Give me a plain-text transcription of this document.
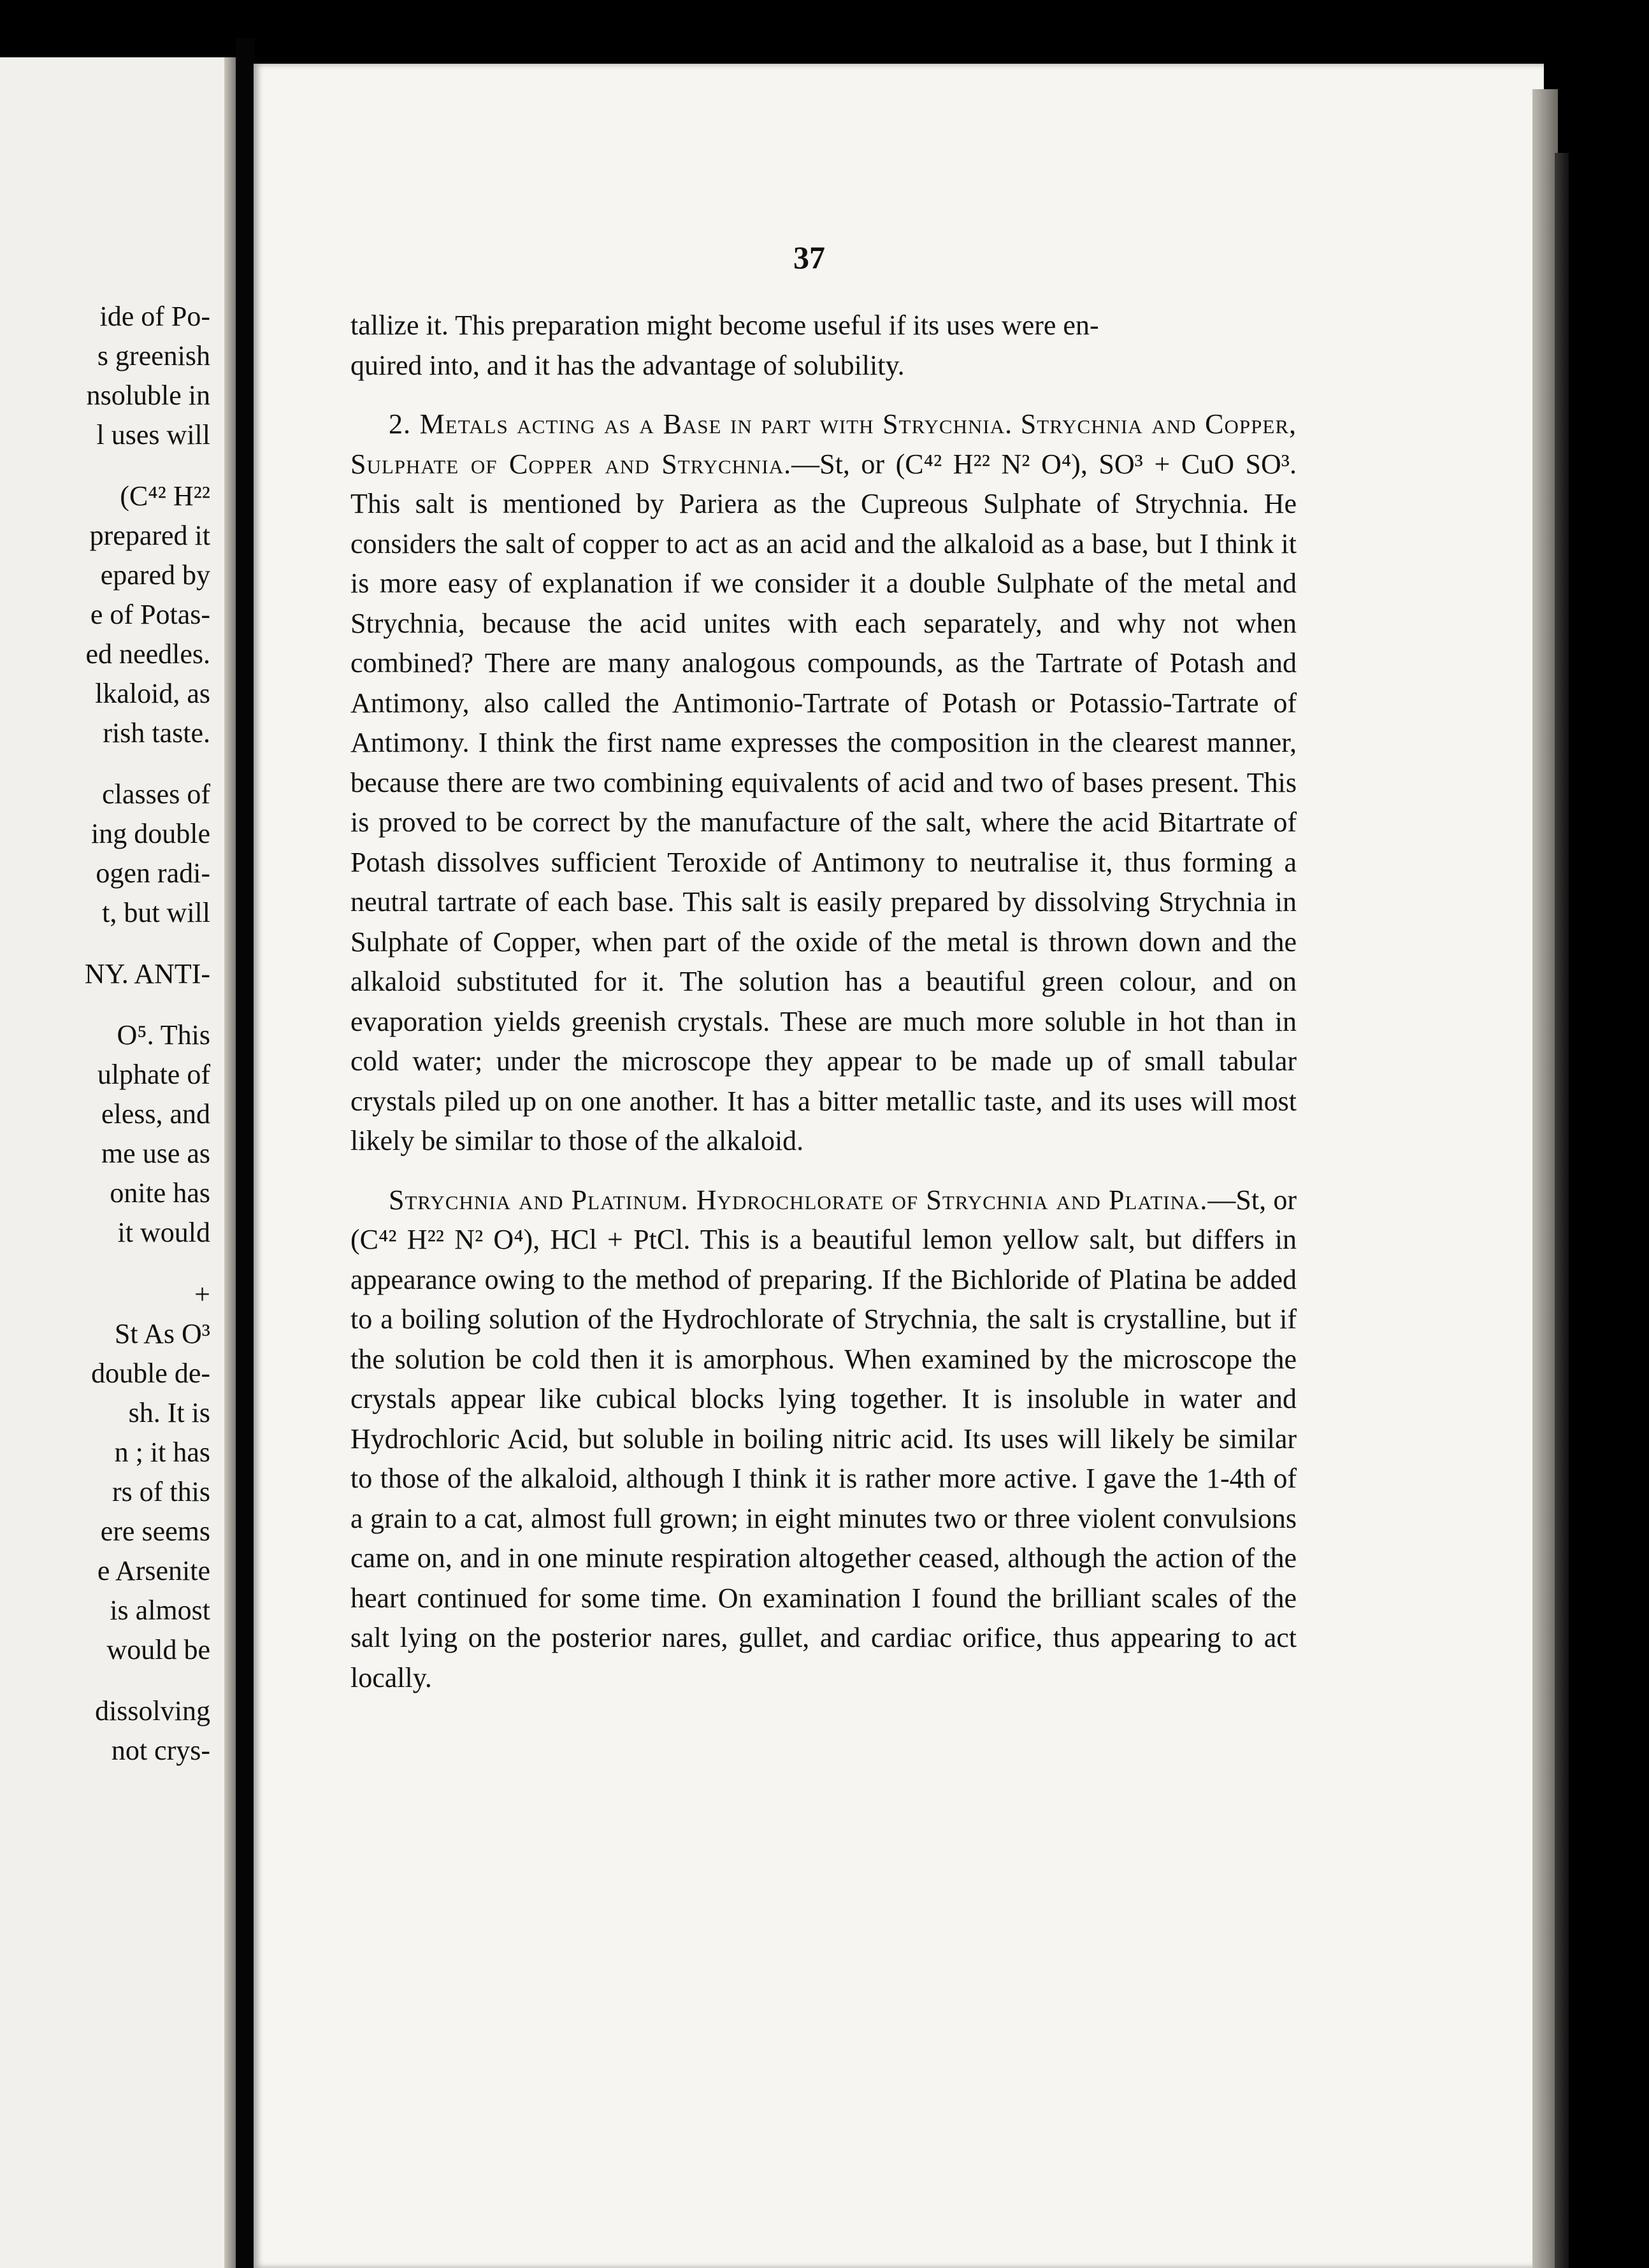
ide of Po-
s greenish
nsoluble in
l uses will
(C⁴² H²²
prepared it
epared by
e of Potas-
ed needles.
lkaloid, as
rish taste.
classes of
ing double
ogen radi-
t, but will
NY. ANTI-
O⁵. This
ulphate of
eless, and
me use as
onite has
it would
+
St As O³
double de-
sh. It is
n ; it has
rs of this
ere seems
e Arsenite
is almost
would be
dissolving
not crys-
37

tallize it. This preparation might become useful if its uses were en-

quired into, and it has the advantage of solubility.

2. Metals acting as a Base in part with Strychnia. Strychnia and Copper, Sulphate of Copper and Strychnia.—St, or (C⁴² H²² N² O⁴), SO³ + CuO SO³. This salt is mentioned by Pariera as the Cupreous Sulphate of Strychnia. He considers the salt of copper to act as an acid and the alkaloid as a base, but I think it is more easy of explanation if we consider it a double Sulphate of the metal and Strychnia, because the acid unites with each separately, and why not when combined? There are many analogous compounds, as the Tartrate of Potash and Antimony, also called the Antimonio-Tartrate of Potash or Potassio-Tartrate of Antimony. I think the first name expresses the composition in the clearest manner, because there are two combining equivalents of acid and two of bases present. This is proved to be correct by the manufacture of the salt, where the acid Bitartrate of Potash dissolves sufficient Teroxide of Antimony to neutralise it, thus forming a neutral tartrate of each base. This salt is easily prepared by dissolving Strychnia in Sulphate of Copper, when part of the oxide of the metal is thrown down and the alkaloid substituted for it. The solution has a beautiful green colour, and on evaporation yields greenish crystals. These are much more soluble in hot than in cold water; under the microscope they appear to be made up of small tabular crystals piled up on one another. It has a bitter metallic taste, and its uses will most likely be similar to those of the alkaloid.

Strychnia and Platinum. Hydrochlorate of Strychnia and Platina.—St, or (C⁴² H²² N² O⁴), HCl + PtCl. This is a beautiful lemon yellow salt, but differs in appearance owing to the method of preparing. If the Bichloride of Platina be added to a boiling solution of the Hydrochlorate of Strychnia, the salt is crystalline, but if the solution be cold then it is amorphous. When examined by the microscope the crystals appear like cubical blocks lying together. It is insoluble in water and Hydrochloric Acid, but soluble in boiling nitric acid. Its uses will likely be similar to those of the alkaloid, although I think it is rather more active. I gave the 1-4th of a grain to a cat, almost full grown; in eight minutes two or three violent convulsions came on, and in one minute respiration altogether ceased, although the action of the heart continued for some time. On examination I found the brilliant scales of the salt lying on the posterior nares, gullet, and cardiac orifice, thus appearing to act locally.
